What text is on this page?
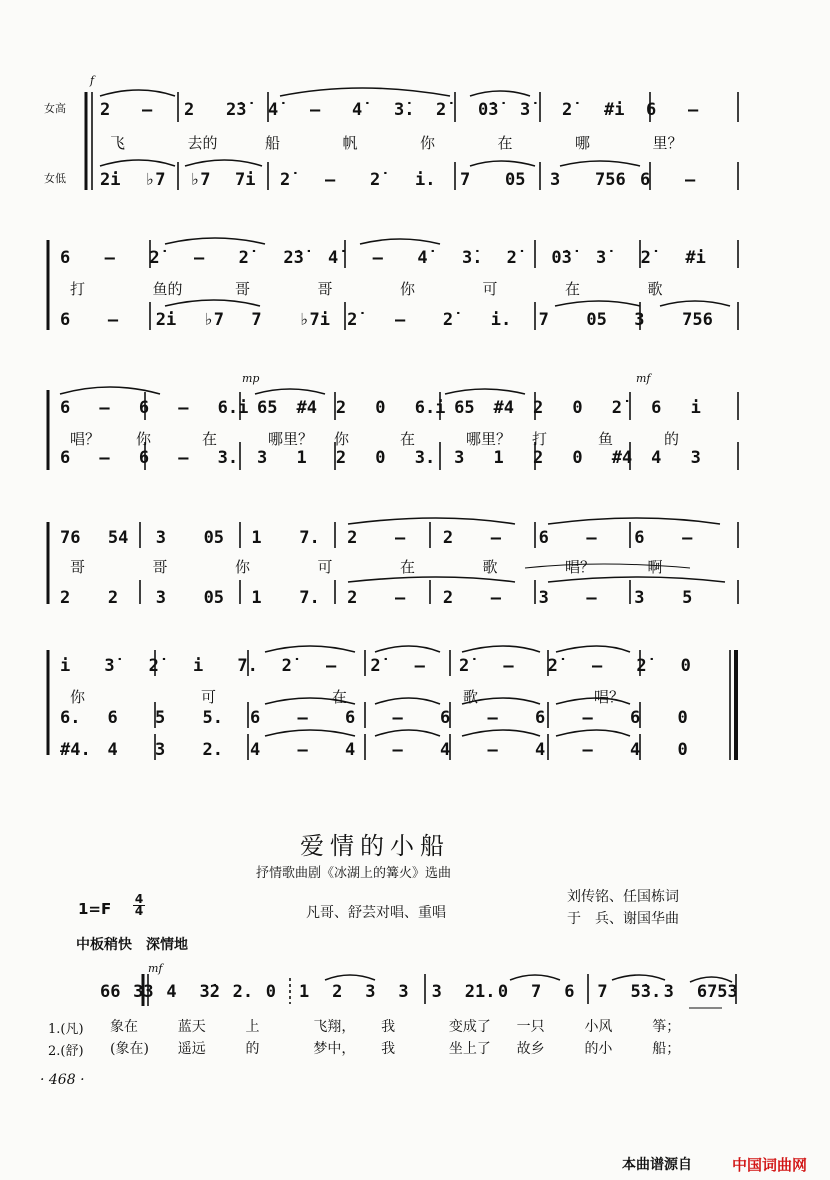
f
mp	mf
女高
女低
2 – 2 2̇3̇ 4̇ – 4̇ 3̇. 2̇ 0̇3̇ 3̇ 2̇ #i 6 –
飞	去的	船	帆	你	在	哪	里？
2̇i ♭7 ♭7 7i 2̇ – 2̇ i. 7 05 3 756 6 –
6 – 2̇ – 2̇ 2̇3̇ 4̇ – 4̇ 3̇. 2̇ 0̇3̇ 3̇ 2̇ #i
打	鱼的	哥	哥	你	可	在	歌
6 – 2̇i ♭7 7 ♭7i 2̇ – 2̇ i. 7 05 3 756
6 – 6 – 6.i 65 #4 2 0 6.i 65 #4 2 0 2̇ 6 i
唱？ 你	在	哪里？ 你	在	哪里？ 打	鱼	的
6 – 6 – 3. 3 1 2 0 3. 3 1 2 0 #4 4 3
76 54 3 05 1 7. 2 – 2 – 6 – 6 –
哥	哥	你	可	在	歌	唱？	啊
2 2 3 05 1 7. 2 – 2 – 3 – 3 5
i 3̇ 2̇ i 7. 2̇ – 2̇ – 2̇ – 2̇ – 2̇ 0
你	可	在	歌	唱？
6. 6 5 5. 6 – 6 – 6 – 6 – 6 0
#4. 4 3 2. 4 – 4 – 4 – 4 – 4 0
爱情的小船
抒情歌曲剧《冰湖上的篝火》选曲
1=F
4
4	凡哥、舒芸对唱、重唱
刘传铭、任国栋词
于　兵、谢国华曲
中板稍快　深情地
mf
66 33 4 3̇2 2. 0 1 2 3 3 3 2̇1. 0 7 6 7 5̇3. 3 6753
1.(凡)
2.(舒)
象在	蓝天	上	飞翔， 我	变成了 一只	小风	筝；
(象在) 遥远	的	梦中， 我	坐上了 故乡	的小	船；
· 468 ·
本曲谱源自	中国词曲网
